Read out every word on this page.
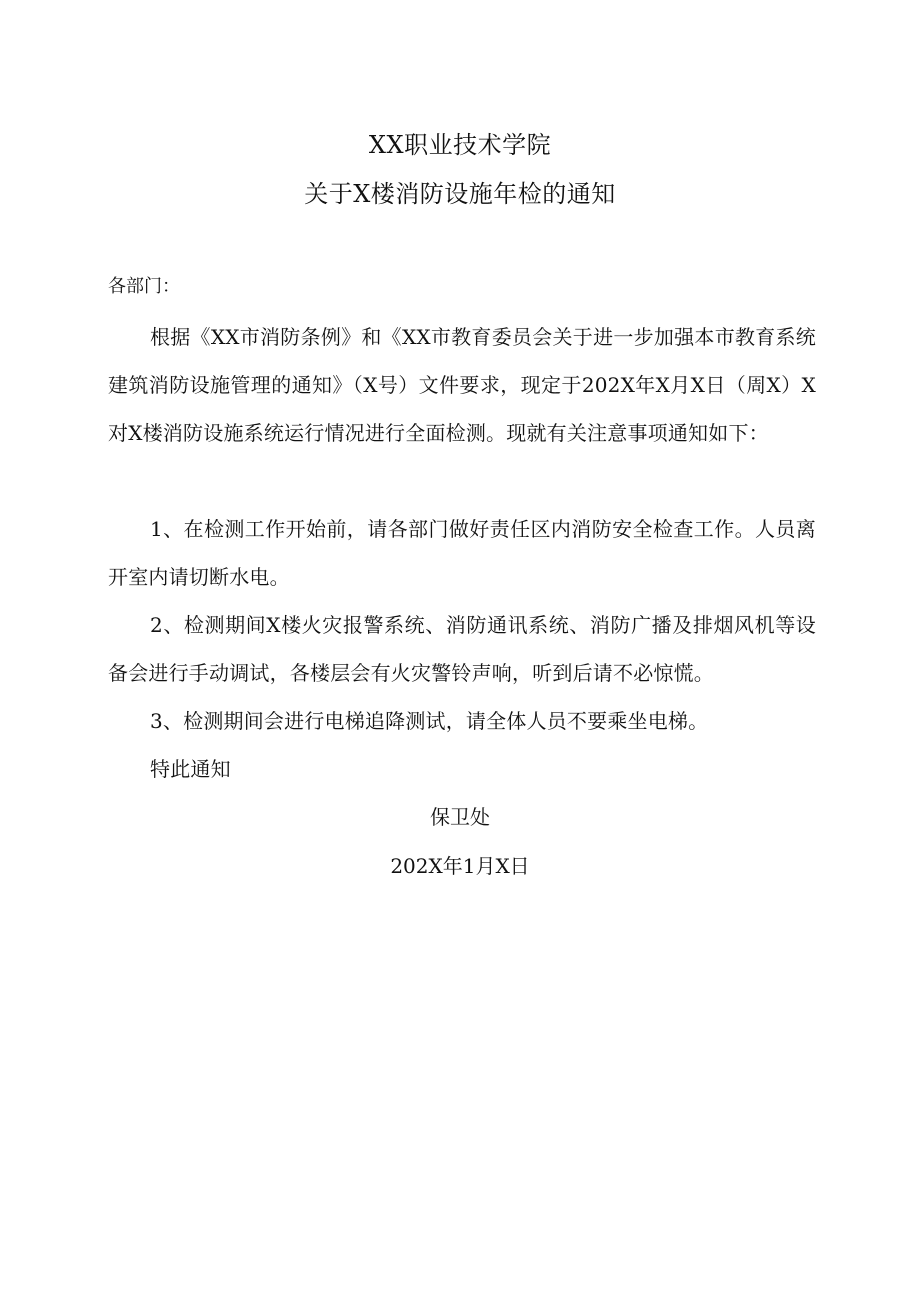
XX职业技术学院
关于X楼消防设施年检的通知
各部门：
根据《XX市消防条例》和《XX市教育委员会关于进一步加强本市教育系统建筑消防设施管理的通知》（X号）文件要求，现定于202X年X月X日（周X）X对X楼消防设施系统运行情况进行全面检测。现就有关注意事项通知如下：
1、在检测工作开始前，请各部门做好责任区内消防安全检查工作。人员离开室内请切断水电。
2、检测期间X楼火灾报警系统、消防通讯系统、消防广播及排烟风机等设备会进行手动调试，各楼层会有火灾警铃声响，听到后请不必惊慌。
3、检测期间会进行电梯追降测试，请全体人员不要乘坐电梯。
特此通知
保卫处
202X年1月X日
